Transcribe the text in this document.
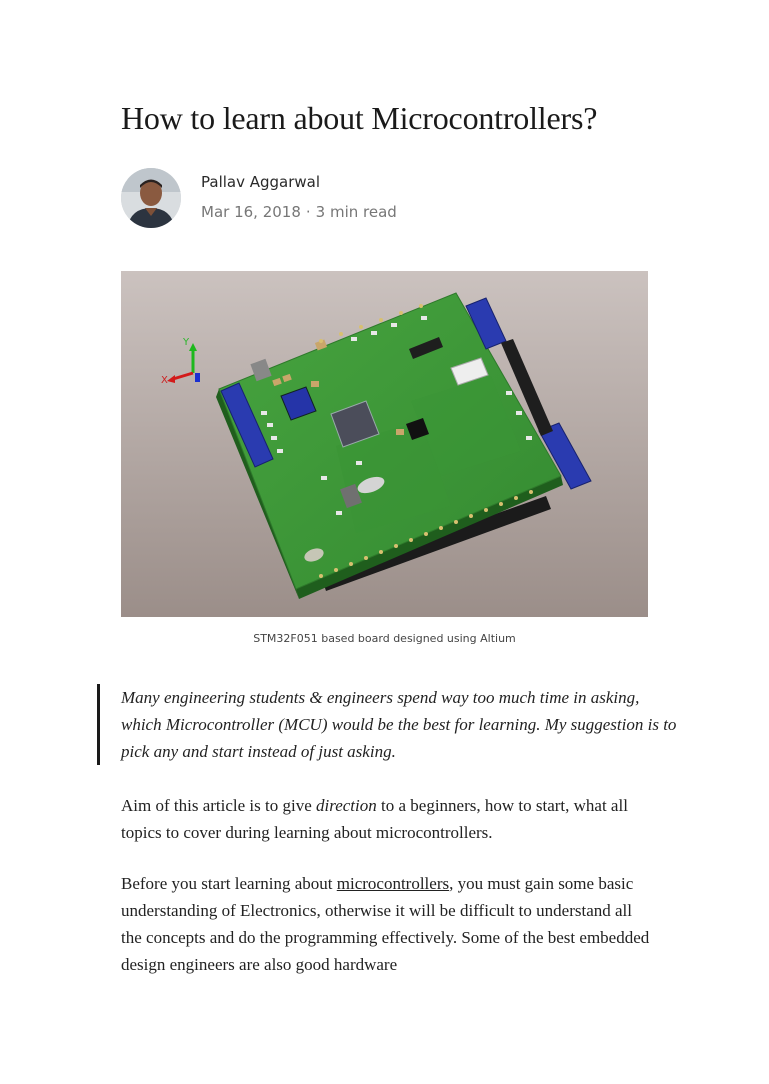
How to learn about Microcontrollers?
Pallav Aggarwal
Mar 16, 2018 · 3 min read
Y
X
STM32F051 based board designed using Altium
Many engineering students & engineers spend way too much time in asking, which Microcontroller (MCU) would be the best for learning. My suggestion is to pick any and start instead of just asking.

Aim of this article is to give direction to a beginners, how to start, what all topics to cover during learning about microcontrollers.

Before you start learning about microcontrollers, you must gain some basic understanding of Electronics, otherwise it will be difficult to understand all the concepts and do the programming effectively. Some of the best embedded design engineers are also good hardware
